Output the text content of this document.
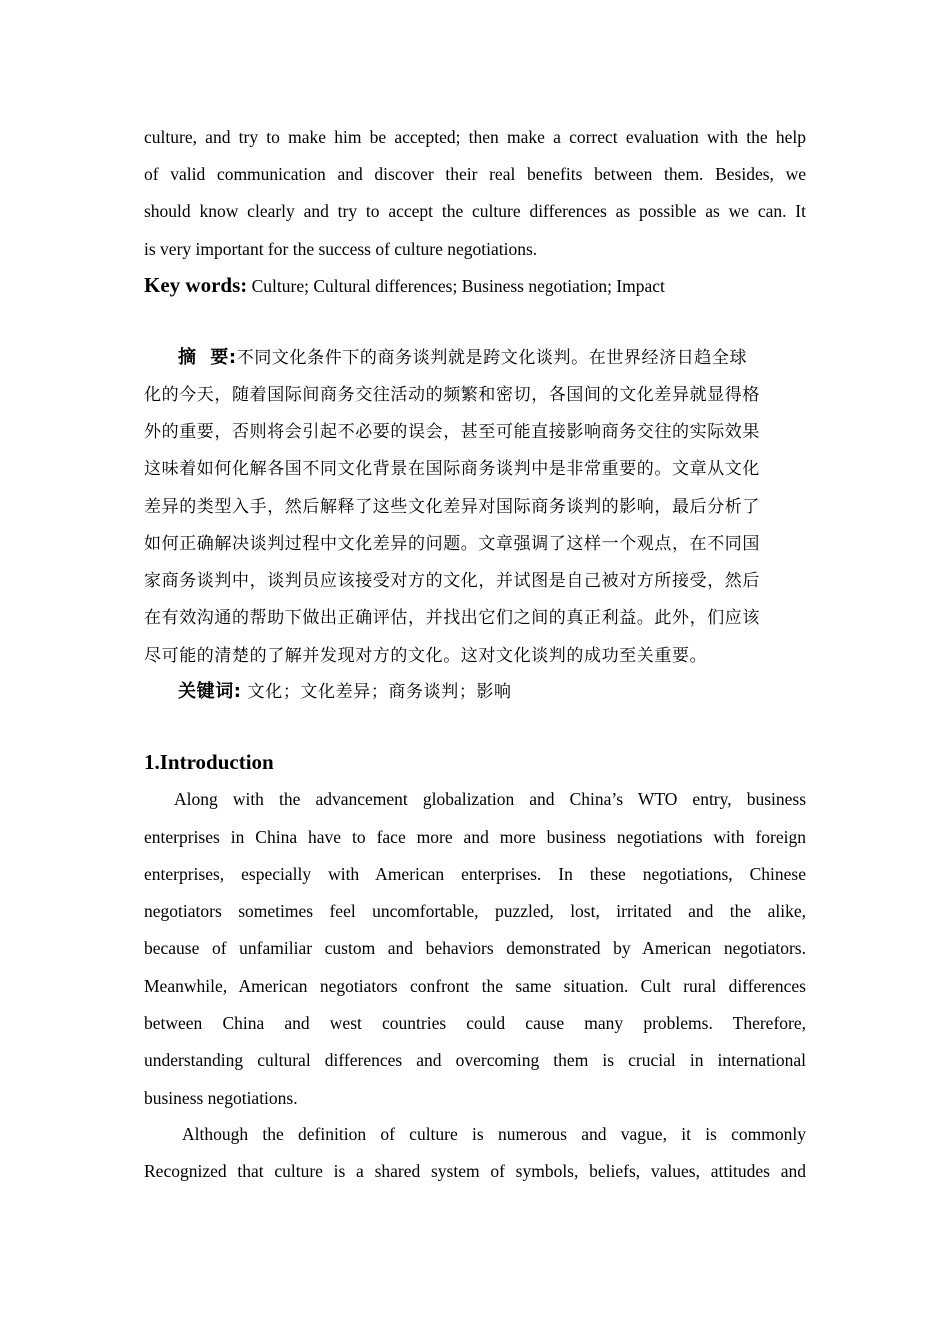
culture, and try to make him be accepted; then make a correct evaluation with the help
of valid communication and discover their real benefits between them. Besides, we
should know clearly and try to accept the culture differences as possible as we can. It
is very important for the success of culture negotiations.
Key words: Culture; Cultural differences; Business negotiation; Impact
摘  要:不同文化条件下的商务谈判就是跨文化谈判。在世界经济日趋全球
化的今天，随着国际间商务交往活动的频繁和密切，各国间的文化差异就显得格
外的重要，否则将会引起不必要的误会，甚至可能直接影响商务交往的实际效果
这味着如何化解各国不同文化背景在国际商务谈判中是非常重要的。文章从文化
差异的类型入手，然后解释了这些文化差异对国际商务谈判的影响，最后分析了
如何正确解决谈判过程中文化差异的问题。文章强调了这样一个观点，在不同国
家商务谈判中，谈判员应该接受对方的文化，并试图是自己被对方所接受，然后
在有效沟通的帮助下做出正确评估，并找出它们之间的真正利益。此外，们应该
尽可能的清楚的了解并发现对方的文化。这对文化谈判的成功至关重要。
关键词: 文化；文化差异；商务谈判；影响
1.Introduction
Along with the advancement globalization and China’s WTO entry, business
enterprises in China have to face more and more business negotiations with foreign
enterprises, especially with American enterprises. In these negotiations, Chinese
negotiators sometimes feel uncomfortable, puzzled, lost, irritated and the alike,
because of unfamiliar custom and behaviors demonstrated by American negotiators.
Meanwhile, American negotiators confront the same situation. Cult rural differences
between China and west countries could cause many problems. Therefore,
understanding cultural differences and overcoming them is crucial in international
business negotiations.
Although the definition of culture is numerous and vague, it is commonly
Recognized that culture is a shared system of symbols, beliefs, values, attitudes and
